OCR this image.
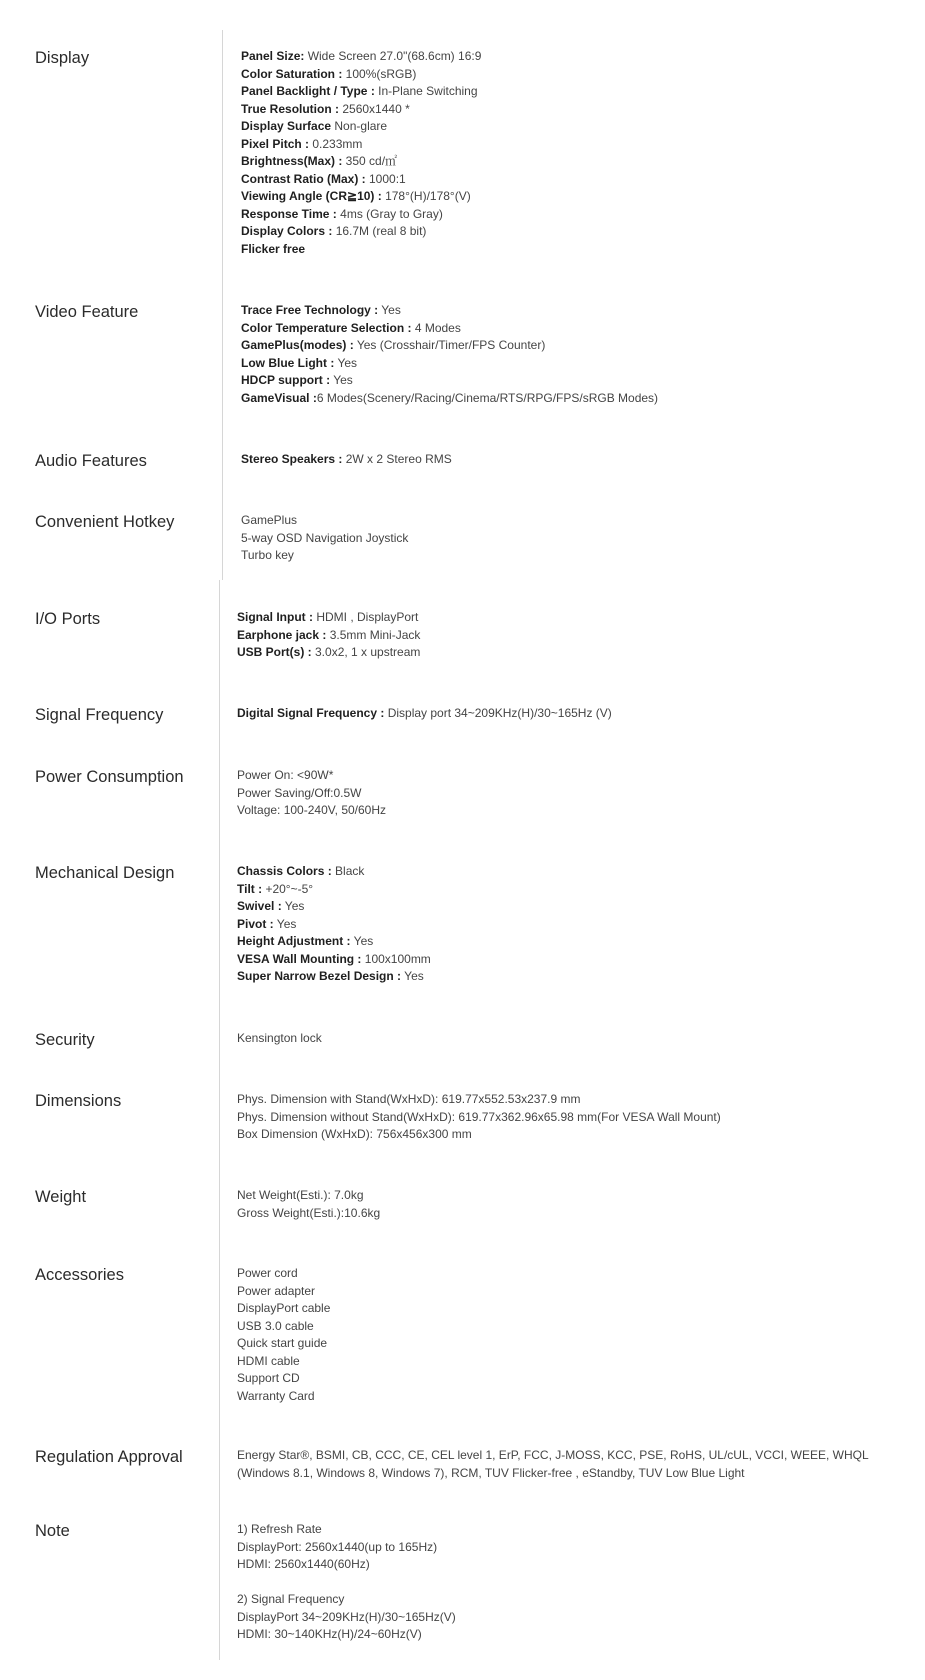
Display	Panel Size: Wide Screen 27.0"(68.6cm) 16:9
Color Saturation : 100%(sRGB)
Panel Backlight / Type : In-Plane Switching
True Resolution : 2560x1440 *
Display Surface Non-glare
Pixel Pitch : 0.233mm
Brightness(Max) : 350 cd/㎡
Contrast Ratio (Max) : 1000:1
Viewing Angle (CR≧10) : 178°(H)/178°(V)
Response Time : 4ms (Gray to Gray)
Display Colors : 16.7M (real 8 bit)
Flicker free
Video Feature	Trace Free Technology : Yes
Color Temperature Selection : 4 Modes
GamePlus(modes) : Yes (Crosshair/Timer/FPS Counter)
Low Blue Light : Yes
HDCP support : Yes
GameVisual :6 Modes(Scenery/Racing/Cinema/RTS/RPG/FPS/sRGB Modes)
Audio Features	Stereo Speakers : 2W x 2 Stereo RMS
Convenient Hotkey	GamePlus
5-way OSD Navigation Joystick
Turbo key
I/O Ports	Signal Input : HDMI , DisplayPort
Earphone jack : 3.5mm Mini-Jack
USB Port(s) : 3.0x2, 1 x upstream
Signal Frequency	Digital Signal Frequency : Display port 34~209KHz(H)/30~165Hz (V)
Power Consumption	Power On: <90W*
Power Saving/Off:0.5W
Voltage: 100-240V, 50/60Hz
Mechanical Design	Chassis Colors : Black
Tilt : +20°~-5°
Swivel : Yes
Pivot : Yes
Height Adjustment : Yes
VESA Wall Mounting : 100x100mm
Super Narrow Bezel Design : Yes
Security	Kensington lock
Dimensions	Phys. Dimension with Stand(WxHxD): 619.77x552.53x237.9 mm
Phys. Dimension without Stand(WxHxD): 619.77x362.96x65.98 mm(For VESA Wall Mount)
Box Dimension (WxHxD): 756x456x300 mm
Weight	Net Weight(Esti.): 7.0kg
Gross Weight(Esti.):10.6kg
Accessories	Power cord
Power adapter
DisplayPort cable
USB 3.0 cable
Quick start guide
HDMI cable
Support CD
Warranty Card
Regulation Approval	Energy Star®, BSMI, CB, CCC, CE, CEL level 1, ErP, FCC, J-MOSS, KCC, PSE, RoHS, UL/cUL, VCCI, WEEE, WHQL (Windows 8.1, Windows 8, Windows 7), RCM, TUV Flicker-free , eStandby, TUV Low Blue Light
Note	1) Refresh Rate
DisplayPort: 2560x1440(up to 165Hz)
HDMI: 2560x1440(60Hz)
2) Signal Frequency
DisplayPort 34~209KHz(H)/30~165Hz(V)
HDMI: 30~140KHz(H)/24~60Hz(V)
